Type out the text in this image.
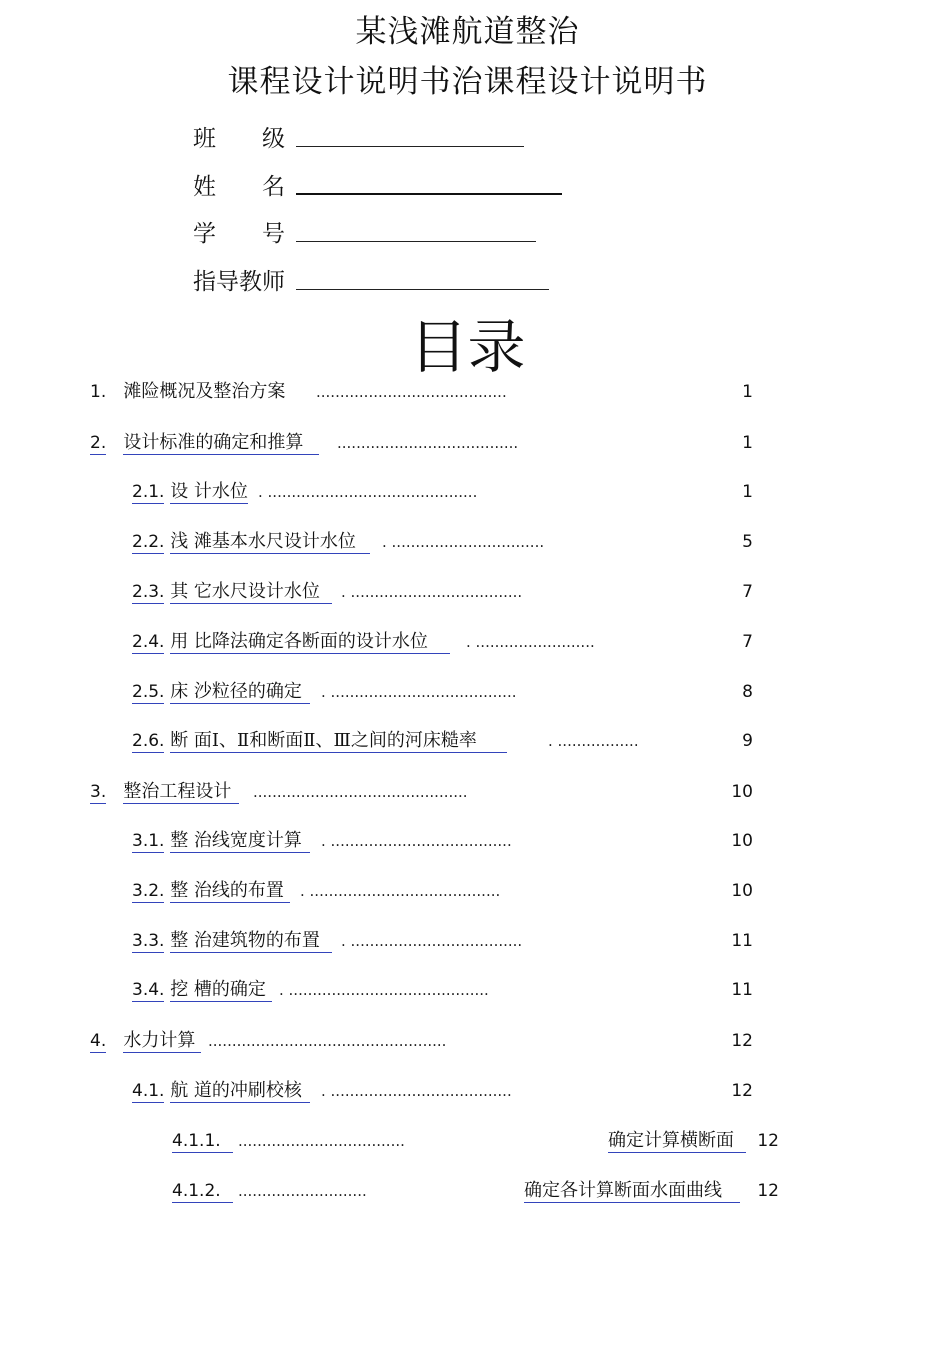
某浅滩航道整治
课程设计说明书治课程设计说明书
班　　级
姓　　名
学　　号
指导教师
目录
1. 滩险概况及整治方案 ........................................	1
2. 设计标准的确定和推算	......................................	1
2.1. 设 计水位 . ............................................	1
2.2. 浅 滩基本水尺设计水位	. ................................	5
2.3. 其 它水尺设计水位	. ....................................	7
2.4. 用 比降法确定各断面的设计水位	. .........................	7
2.5. 床 沙粒径的确定	. .......................................	8
2.6. 断 面Ⅰ、Ⅱ和断面Ⅱ、Ⅲ之间的河床糙率	. .................	9
3. 整治工程设计	.............................................	10
3.1. 整 治线宽度计算	. ......................................	10
3.2. 整 治线的布置	. ........................................	10
3.3. 整 治建筑物的布置	. ....................................	11
3.4. 挖 槽的确定 . ..........................................	11
4. 水力计算 ..................................................	12
4.1. 航 道的冲刷校核	. ......................................	12
4.1.1.	...................................	确定计算横断面	12
4.1.2.	...........................	确定各计算断面水面曲线	12
